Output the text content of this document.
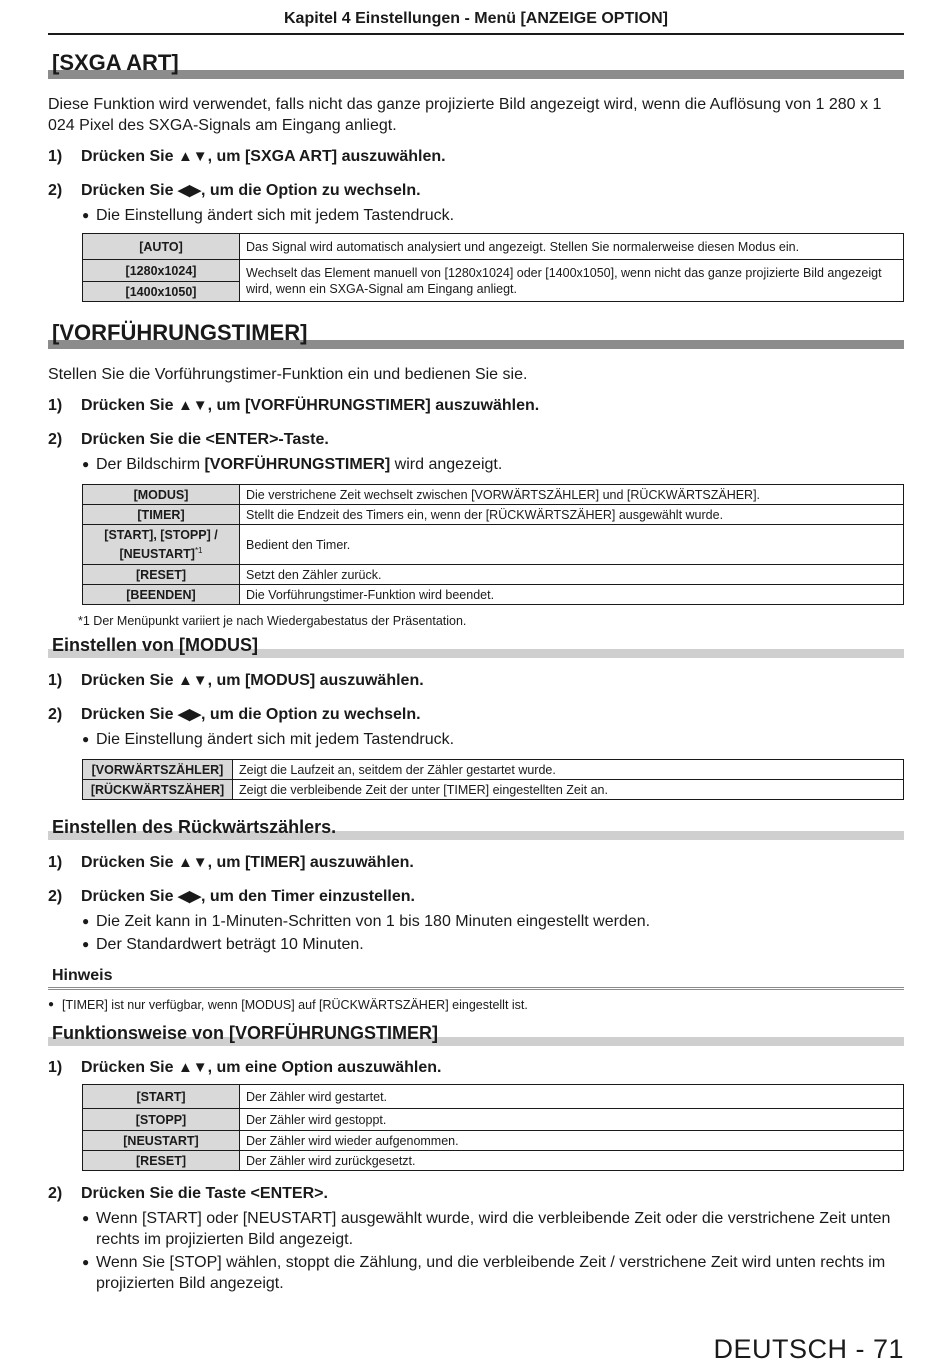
Kapitel 4 Einstellungen - Menü [ANZEIGE OPTION]
[SXGA ART]

Diese Funktion wird verwendet, falls nicht das ganze projizierte Bild angezeigt wird, wenn die Auflösung von 1 280 x 1 024 Pixel des SXGA-Signals am Eingang anliegt.

1)	Drücken Sie ▲▼, um [SXGA ART] auszuwählen.
2)	Drücken Sie ◀▶, um die Option zu wechseln.
● Die Einstellung ändert sich mit jedem Tastendruck.
[AUTO]	Das Signal wird automatisch analysiert und angezeigt. Stellen Sie normalerweise diesen Modus ein.
[1280x1024]	Wechselt das Element manuell von [1280x1024] oder [1400x1050], wenn nicht das ganze projizierte Bild angezeigt wird, wenn ein SXGA-Signal am Eingang anliegt.
[1400x1050]	
[VORFÜHRUNGSTIMER]

Stellen Sie die Vorführungstimer-Funktion ein und bedienen Sie sie.

1)	Drücken Sie ▲▼, um [VORFÜHRUNGSTIMER] auszuwählen.
2)	Drücken Sie die <ENTER>-Taste.
● Der Bildschirm [VORFÜHRUNGSTIMER] wird angezeigt.
[MODUS]	Die verstrichene Zeit wechselt zwischen [VORWÄRTSZÄHLER] und [RÜCKWÄRTSZÄHER].
[TIMER]	Stellt die Endzeit des Timers ein, wenn der [RÜCKWÄRTSZÄHER] ausgewählt wurde.
[START], [STOPP] /
[NEUSTART]$^{*1}$	Bedient den Timer.
[RESET]	Setzt den Zähler zurück.
[BEENDEN]	Die Vorführungstimer-Funktion wird beendet.
*1 Der Menüpunkt variiert je nach Wiedergabestatus der Präsentation.
Einstellen von [MODUS]
1)	Drücken Sie ▲▼, um [MODUS] auszuwählen.
2)	Drücken Sie ◀▶, um die Option zu wechseln.
● Die Einstellung ändert sich mit jedem Tastendruck.
[VORWÄRTSZÄHLER]	Zeigt die Laufzeit an, seitdem der Zähler gestartet wurde.
[RÜCKWÄRTSZÄHER]	Zeigt die verbleibende Zeit der unter [TIMER] eingestellten Zeit an.
Einstellen des Rückwärtszählers.
1)	Drücken Sie ▲▼, um [TIMER] auszuwählen.
2)	Drücken Sie ◀▶, um den Timer einzustellen.
● Die Zeit kann in 1-Minuten-Schritten von 1 bis 180 Minuten eingestellt werden.
● Der Standardwert beträgt 10 Minuten.
Hinweis
● [TIMER] ist nur verfügbar, wenn [MODUS] auf [RÜCKWÄRTSZÄHER] eingestellt ist.
Funktionsweise von [VORFÜHRUNGSTIMER]
1)	Drücken Sie ▲▼, um eine Option auszuwählen.
[START]	Der Zähler wird gestartet.
[STOPP]	Der Zähler wird gestoppt.
[NEUSTART]	Der Zähler wird wieder aufgenommen.
[RESET]	Der Zähler wird zurückgesetzt.
2)	Drücken Sie die Taste <ENTER>.
● Wenn [START] oder [NEUSTART] ausgewählt wurde, wird die verbleibende Zeit oder die verstrichene Zeit unten rechts im projizierten Bild angezeigt.
● Wenn Sie [STOP] wählen, stoppt die Zählung, und die verbleibende Zeit / verstrichene Zeit wird unten rechts im projizierten Bild angezeigt.
DEUTSCH - 71
